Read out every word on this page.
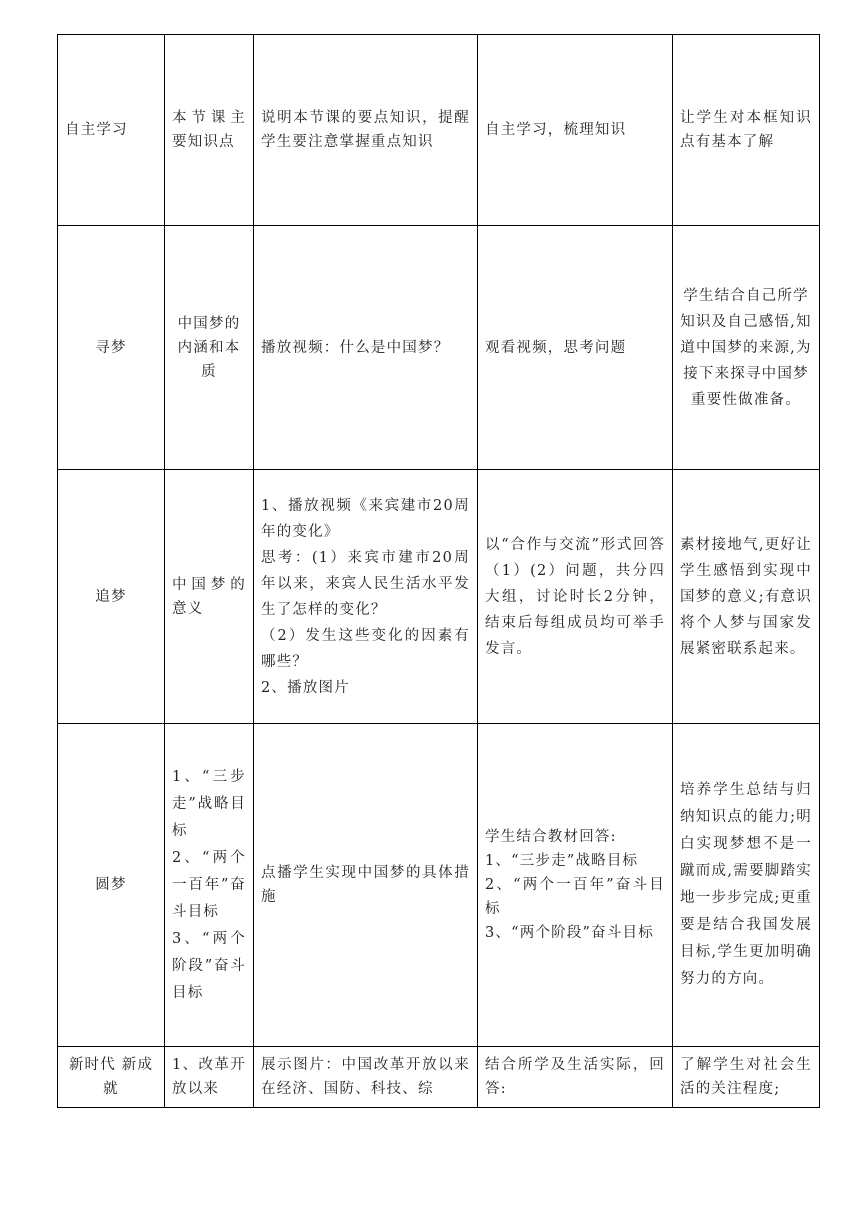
自主学习	本节课主要知识点	说明本节课的要点知识，提醒学生要注意掌握重点知识	自主学习，梳理知识	让学生对本框知识点有基本了解
寻梦	中国梦的内涵和本质	播放视频：什么是中国梦？	观看视频，思考问题	学生结合自己所学知识及自己感悟,知道中国梦的来源,为接下来探寻中国梦重要性做准备。
追梦	中国梦的意义	1、播放视频《来宾建市20周年的变化》
思考：(1）来宾市建市20周年以来，来宾人民生活水平发生了怎样的变化？
（2）发生这些变化的因素有哪些？
2、播放图片	以“合作与交流”形式回答（1）(2）问题，共分四大组，讨论时长2分钟，结束后每组成员均可举手发言。	素材接地气,更好让学生感悟到实现中国梦的意义;有意识将个人梦与国家发展紧密联系起来。
圆梦	1、“三步走”战略目标
2、“两个一百年”奋斗目标
3、“两个阶段”奋斗目标	点播学生实现中国梦的具体措施	学生结合教材回答:
1、“三步走”战略目标
2、“两个一百年”奋斗目标
3、“两个阶段”奋斗目标	培养学生总结与归纳知识点的能力;明白实现梦想不是一蹴而成,需要脚踏实地一步步完成;更重要是结合我国发展目标,学生更加明确努力的方向。

新时代 新成就	1、改革开放以来	展示图片：中国改革开放以来在经济、国防、科技、综	结合所学及生活实际，回答:	了解学生对社会生活的关注程度;
